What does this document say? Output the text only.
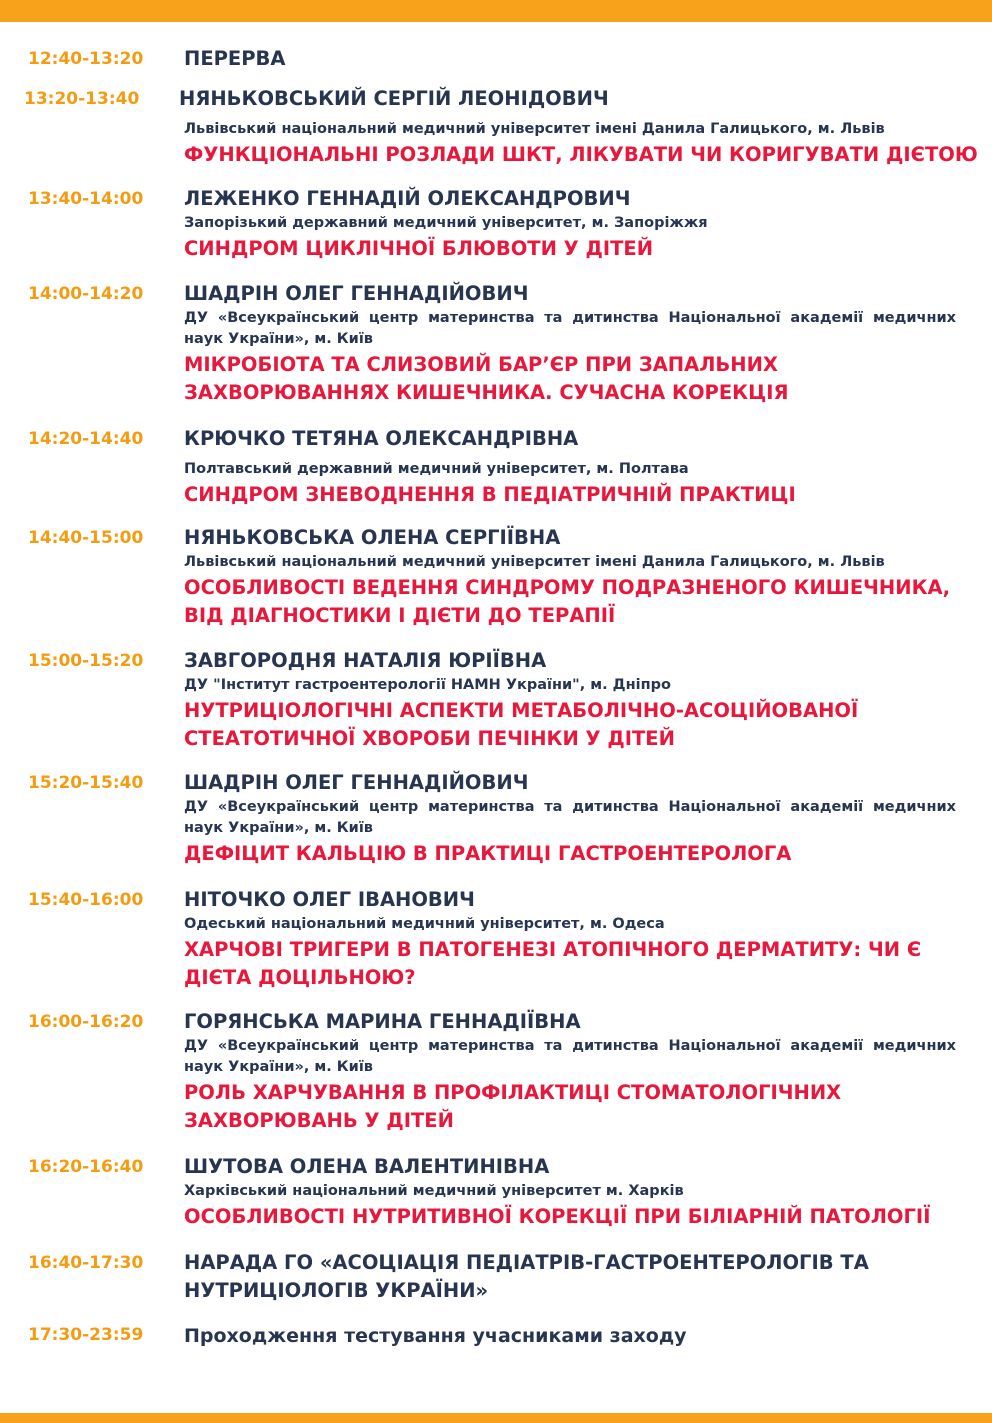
12:40-13:20 ПЕРЕРВА
13:20-13:40 НЯНЬКОВСЬКИЙ СЕРГІЙ ЛЕОНІДОВИЧ
Львівський національний медичний університет імені Данила Галицького, м. Львів
ФУНКЦІОНАЛЬНІ РОЗЛАДИ ШКТ, ЛІКУВАТИ ЧИ КОРИГУВАТИ ДІЄТОЮ
13:40-14:00 ЛЕЖЕНКО ГЕННАДІЙ ОЛЕКСАНДРОВИЧ
Запорізький державний медичний університет, м. Запоріжжя
СИНДРОМ ЦИКЛІЧНОЇ БЛЮВОТИ У ДІТЕЙ
14:00-14:20 ШАДРІН ОЛЕГ ГЕННАДІЙОВИЧ
ДУ «Всеукраїнський центр материнства та дитинства Національної академії медичних наук України», м. Київ
МІКРОБІОТА ТА СЛИЗОВИЙ БАР’ЄР ПРИ ЗАПАЛЬНИХ
ЗАХВОРЮВАННЯХ КИШЕЧНИКА. СУЧАСНА КОРЕКЦІЯ
14:20-14:40 КРЮЧКО ТЕТЯНА ОЛЕКСАНДРІВНА
Полтавський державний медичний університет, м. Полтава
СИНДРОМ ЗНЕВОДНЕННЯ В ПЕДІАТРИЧНІЙ ПРАКТИЦІ
14:40-15:00 НЯНЬКОВСЬКА ОЛЕНА СЕРГІЇВНА
Львівський національний медичний університет імені Данила Галицького, м. Львів
ОСОБЛИВОСТІ ВЕДЕННЯ СИНДРОМУ ПОДРАЗНЕНОГО КИШЕЧНИКА,
ВІД ДІАГНОСТИКИ І ДІЄТИ ДО ТЕРАПІЇ
15:00-15:20 ЗАВГОРОДНЯ НАТАЛІЯ ЮРІЇВНА
ДУ "Інститут гастроентерології НАМН України", м. Дніпро
НУТРИЦІОЛОГІЧНІ АСПЕКТИ МЕТАБОЛІЧНО-АСОЦІЙОВАНОЇ
СТЕАТОТИЧНОЇ ХВОРОБИ ПЕЧІНКИ У ДІТЕЙ
15:20-15:40 ШАДРІН ОЛЕГ ГЕННАДІЙОВИЧ
ДУ «Всеукраїнський центр материнства та дитинства Національної академії медичних наук України», м. Київ
ДЕФІЦИТ КАЛЬЦІЮ В ПРАКТИЦІ ГАСТРОЕНТЕРОЛОГА
15:40-16:00 НІТОЧКО ОЛЕГ ІВАНОВИЧ
Одеський національний медичний університет, м. Одеса
ХАРЧОВІ ТРИГЕРИ В ПАТОГЕНЕЗІ АТОПІЧНОГО ДЕРМАТИТУ: ЧИ Є
ДІЄТА ДОЦІЛЬНОЮ?
16:00-16:20 ГОРЯНСЬКА МАРИНА ГЕННАДІЇВНА
ДУ «Всеукраїнський центр материнства та дитинства Національної академії медичних наук України», м. Київ
РОЛЬ ХАРЧУВАННЯ В ПРОФІЛАКТИЦІ СТОМАТОЛОГІЧНИХ
ЗАХВОРЮВАНЬ У ДІТЕЙ
16:20-16:40 ШУТОВА ОЛЕНА ВАЛЕНТИНІВНА
Харківський національний медичний університет м. Харків
ОСОБЛИВОСТІ НУТРИТИВНОЇ КОРЕКЦІЇ ПРИ БІЛІАРНІЙ ПАТОЛОГІЇ
16:40-17:30 НАРАДА ГО «АСОЦІАЦІЯ ПЕДІАТРІВ-ГАСТРОЕНТЕРОЛОГІВ ТА
НУТРИЦІОЛОГІВ УКРАЇНИ»
17:30-23:59 Проходження тестування учасниками заходу
